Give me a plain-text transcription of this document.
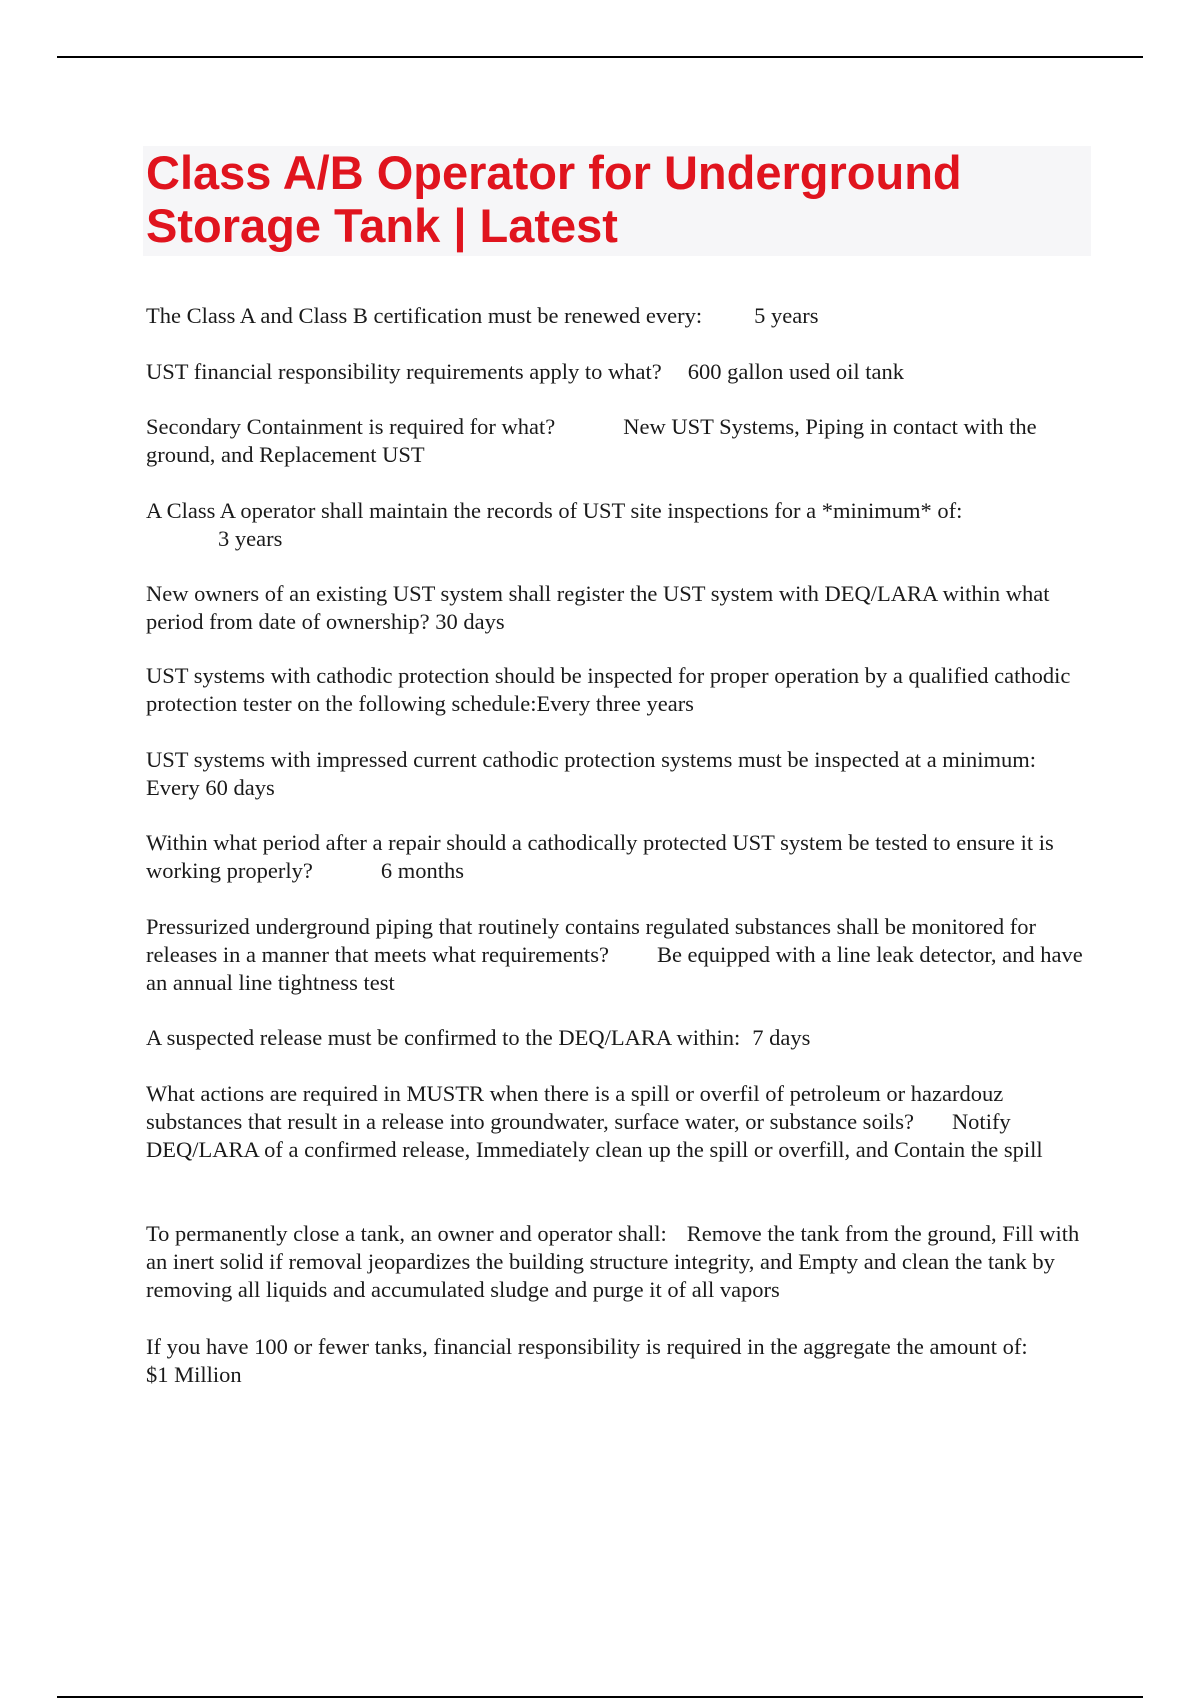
Class A/B Operator for Underground Storage Tank | Latest

The Class A and Class B certification must be renewed every: 5 years

UST financial responsibility requirements apply to what? 600 gallon used oil tank

Secondary Containment is required for what?	New UST Systems, Piping in contact with the ground, and Replacement UST

A Class A operator shall maintain the records of UST site inspections for a *minimum* of:
3 years

New owners of an existing UST system shall register the UST system with DEQ/LARA within what period from date of ownership? 30 days

UST systems with cathodic protection should be inspected for proper operation by a qualified cathodic protection tester on the following schedule:Every three years

UST systems with impressed current cathodic protection systems must be inspected at a minimum:Every 60 days

Within what period after a repair should a cathodically protected UST system be tested to ensure it is working properly?	6 months

Pressurized underground piping that routinely contains regulated substances shall be monitored for releases in a manner that meets what requirements? Be equipped with a line leak detector, and have an annual line tightness test

A suspected release must be confirmed to the DEQ/LARA within: 7 days

What actions are required in MUSTR when there is a spill or overfil of petroleum or hazardouz substances that result in a release into groundwater, surface water, or substance soils? Notify DEQ/LARA of a confirmed release, Immediately clean up the spill or overfill, and Contain the spill

To permanently close a tank, an owner and operator shall: Remove the tank from the ground, Fill with an inert solid if removal jeopardizes the building structure integrity, and Empty and clean the tank by removing all liquids and accumulated sludge and purge it of all vapors

If you have 100 or fewer tanks, financial responsibility is required in the aggregate the amount of:$1 Million
